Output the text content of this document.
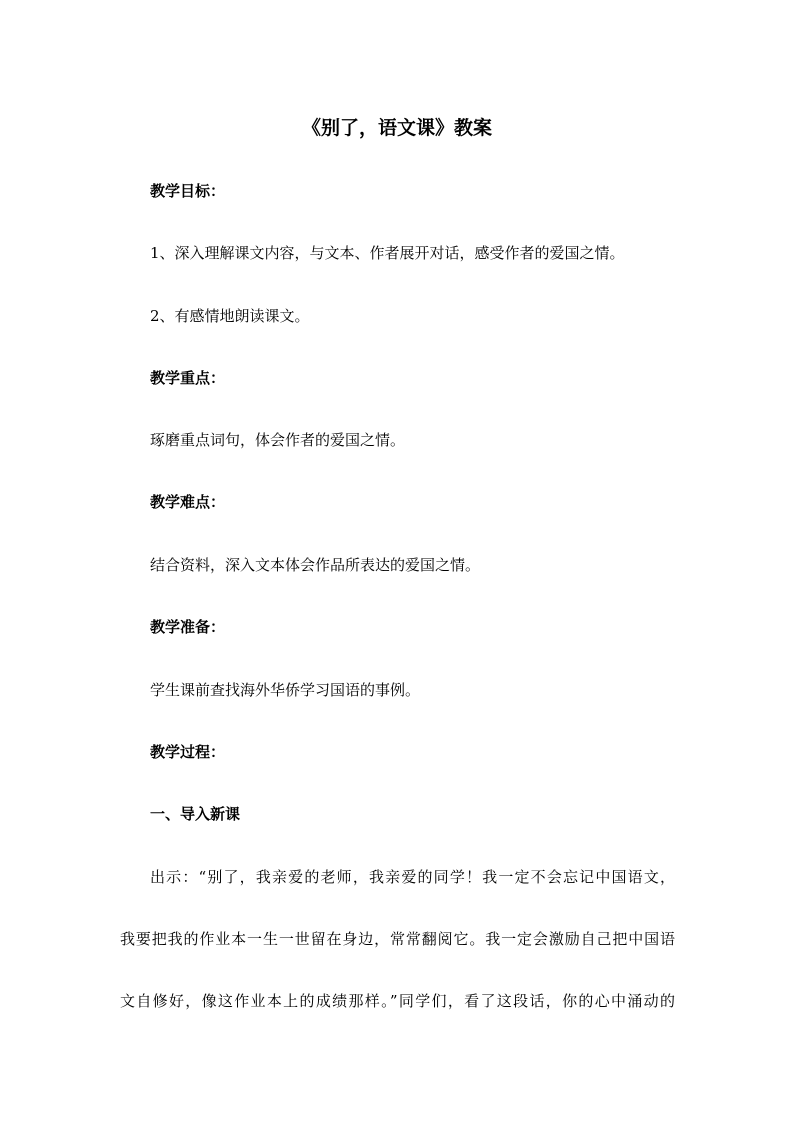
《别了，语文课》教案

教学目标：

1、深入理解课文内容，与文本、作者展开对话，感受作者的爱国之情。

2、有感情地朗读课文。

教学重点：

琢磨重点词句，体会作者的爱国之情。

教学难点：

结合资料，深入文本体会作品所表达的爱国之情。

教学准备：

学生课前查找海外华侨学习国语的事例。

教学过程：

一、导入新课

出示：“别了，我亲爱的老师，我亲爱的同学！我一定不会忘记中国语文，

我要把我的作业本一生一世留在身边，常常翻阅它。我一定会激励自己把中国语

文自修好，像这作业本上的成绩那样。”同学们，看了这段话，你的心中涌动的
